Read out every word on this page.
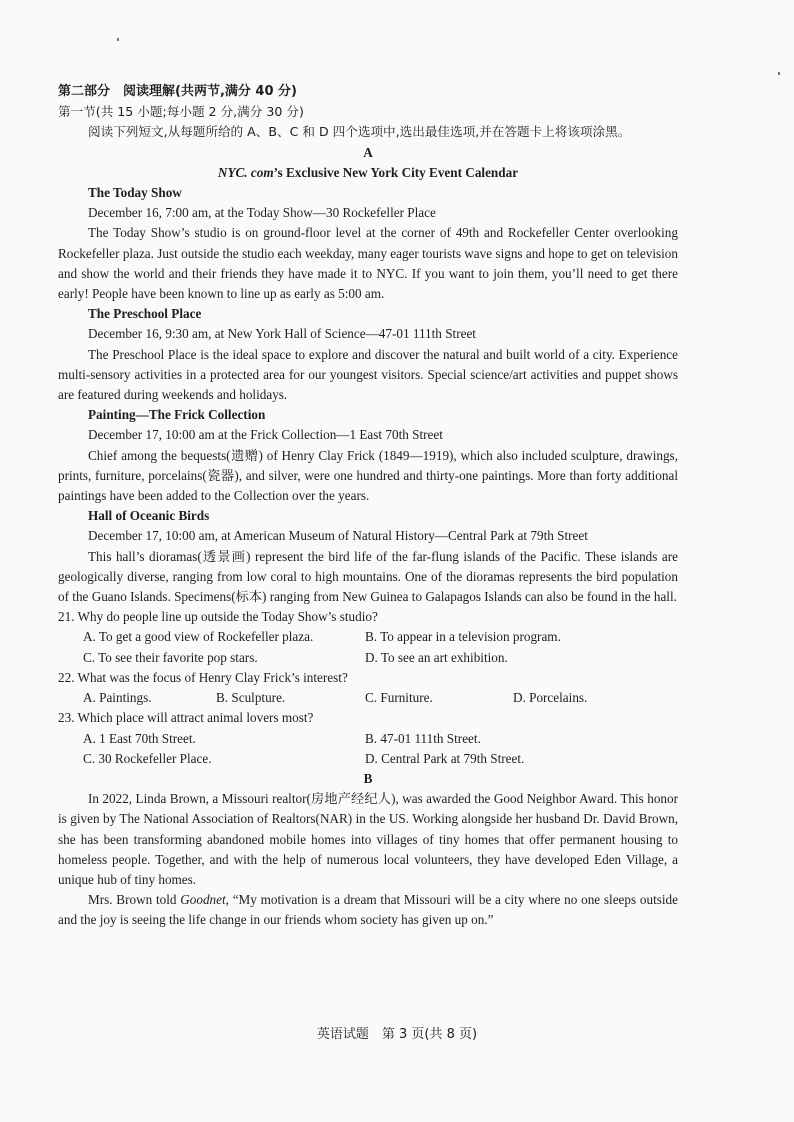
第二部分　阅读理解(共两节,满分 40 分)

第一节(共 15 小题;每小题 2 分,满分 30 分)

阅读下列短文,从每题所给的 A、B、C 和 D 四个选项中,选出最佳选项,并在答题卡上将该项涂黑。

A

NYC. com’s Exclusive New York City Event Calendar

The Today Show

December 16, 7:00 am, at the Today Show—30 Rockefeller Place

The Today Show’s studio is on ground-floor level at the corner of 49th and Rockefeller Center overlooking Rockefeller plaza. Just outside the studio each weekday, many eager tourists wave signs and hope to get on television and show the world and their friends they have made it to NYC. If you want to join them, you’ll need to get there early! People have been known to line up as early as 5:00 am.

The Preschool Place

December 16, 9:30 am, at New York Hall of Science—47-01 111th Street

The Preschool Place is the ideal space to explore and discover the natural and built world of a city. Experience multi-sensory activities in a protected area for our youngest visitors. Special science/art activities and puppet shows are featured during weekends and holidays.

Painting—The Frick Collection

December 17, 10:00 am at the Frick Collection—1 East 70th Street

Chief among the bequests(遗赠) of Henry Clay Frick (1849—1919), which also included sculpture, drawings, prints, furniture, porcelains(瓷器), and silver, were one hundred and thirty-one paintings. More than forty additional paintings have been added to the Collection over the years.

Hall of Oceanic Birds

December 17, 10:00 am, at American Museum of Natural History—Central Park at 79th Street

This hall’s dioramas(透景画) represent the bird life of the far-flung islands of the Pacific. These islands are geologically diverse, ranging from low coral to high mountains. One of the dioramas represents the bird population of the Guano Islands. Specimens(标本) ranging from New Guinea to Galapagos Islands can also be found in the hall.

21. Why do people line up outside the Today Show’s studio?

A. To get a good view of Rockefeller plaza.	B. To appear in a television program.
C. To see their favorite pop stars.	D. To see an art exhibition.

22. What was the focus of Henry Clay Frick’s interest?

A. Paintings.	B. Sculpture.	C. Furniture.	D. Porcelains.

23. Which place will attract animal lovers most?

A. 1 East 70th Street.	B. 47-01 111th Street.
C. 30 Rockefeller Place.	D. Central Park at 79th Street.

B

In 2022, Linda Brown, a Missouri realtor(房地产经纪人), was awarded the Good Neighbor Award. This honor is given by The National Association of Realtors(NAR) in the US. Working alongside her husband Dr. David Brown, she has been transforming abandoned mobile homes into villages of tiny homes that offer permanent housing to homeless people. Together, and with the help of numerous local volunteers, they have developed Eden Village, a unique hub of tiny homes.

Mrs. Brown told Goodnet, “My motivation is a dream that Missouri will be a city where no one sleeps outside and the joy is seeing the life change in our friends whom society has given up on.”

英语试题　第 3 页(共 8 页)
